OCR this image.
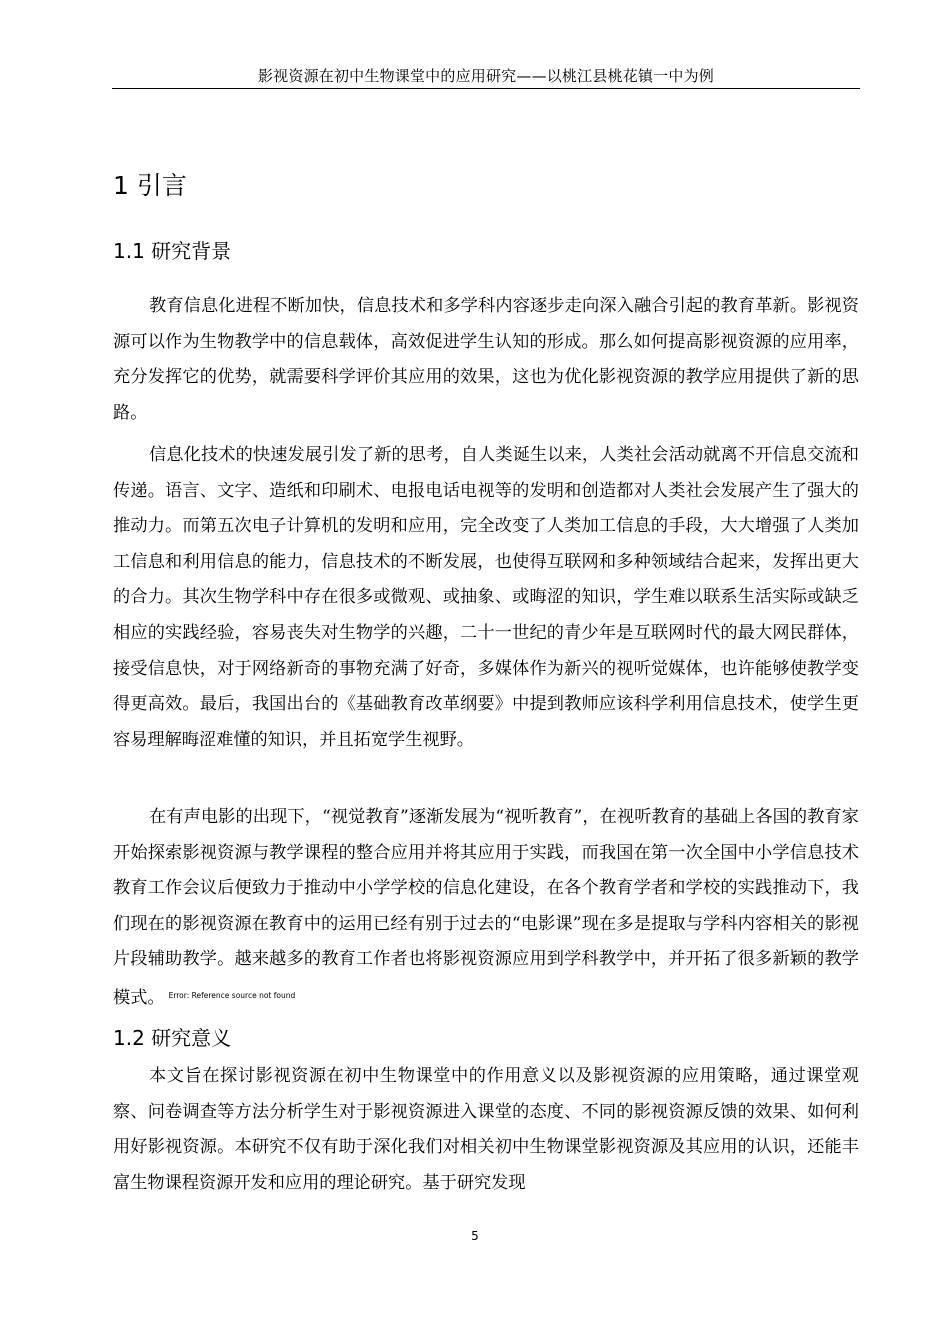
影视资源在初中生物课堂中的应用研究——以桃江县桃花镇一中为例
1 引言
1.1 研究背景

教育信息化进程不断加快，信息技术和多学科内容逐步走向深入融合引起的教育革新。影视资源可以作为生物教学中的信息载体，高效促进学生认知的形成。那么如何提高影视资源的应用率，充分发挥它的优势，就需要科学评价其应用的效果，这也为优化影视资源的教学应用提供了新的思路。

信息化技术的快速发展引发了新的思考，自人类诞生以来，人类社会活动就离不开信息交流和传递。语言、文字、造纸和印刷术、电报电话电视等的发明和创造都对人类社会发展产生了强大的推动力。而第五次电子计算机的发明和应用，完全改变了人类加工信息的手段，大大增强了人类加工信息和利用信息的能力，信息技术的不断发展，也使得互联网和多种领域结合起来，发挥出更大的合力。其次生物学科中存在很多或微观、或抽象、或晦涩的知识，学生难以联系生活实际或缺乏相应的实践经验，容易丧失对生物学的兴趣，二十一世纪的青少年是互联网时代的最大网民群体，接受信息快，对于网络新奇的事物充满了好奇，多媒体作为新兴的视听觉媒体，也许能够使教学变得更高效。最后，我国出台的《基础教育改革纲要》中提到教师应该科学利用信息技术，使学生更容易理解晦涩难懂的知识，并且拓宽学生视野。

在有声电影的出现下，“视觉教育”逐渐发展为“视听教育”，在视听教育的基础上各国的教育家开始探索影视资源与教学课程的整合应用并将其应用于实践，而我国在第一次全国中小学信息技术教育工作会议后便致力于推动中小学学校的信息化建设，在各个教育学者和学校的实践推动下，我们现在的影视资源在教育中的运用已经有别于过去的“电影课”现在多是提取与学科内容相关的影视片段辅助教学。越来越多的教育工作者也将影视资源应用到学科教学中，并开拓了很多新颖的教学模式。 $^{Error: Reference source not found}$

1.2 研究意义

本文旨在探讨影视资源在初中生物课堂中的作用意义以及影视资源的应用策略，通过课堂观察、问卷调查等方法分析学生对于影视资源进入课堂的态度、不同的影视资源反馈的效果、如何利用好影视资源。本研究不仅有助于深化我们对相关初中生物课堂影视资源及其应用的认识，还能丰富生物课程资源开发和应用的理论研究。基于研究发现

5
